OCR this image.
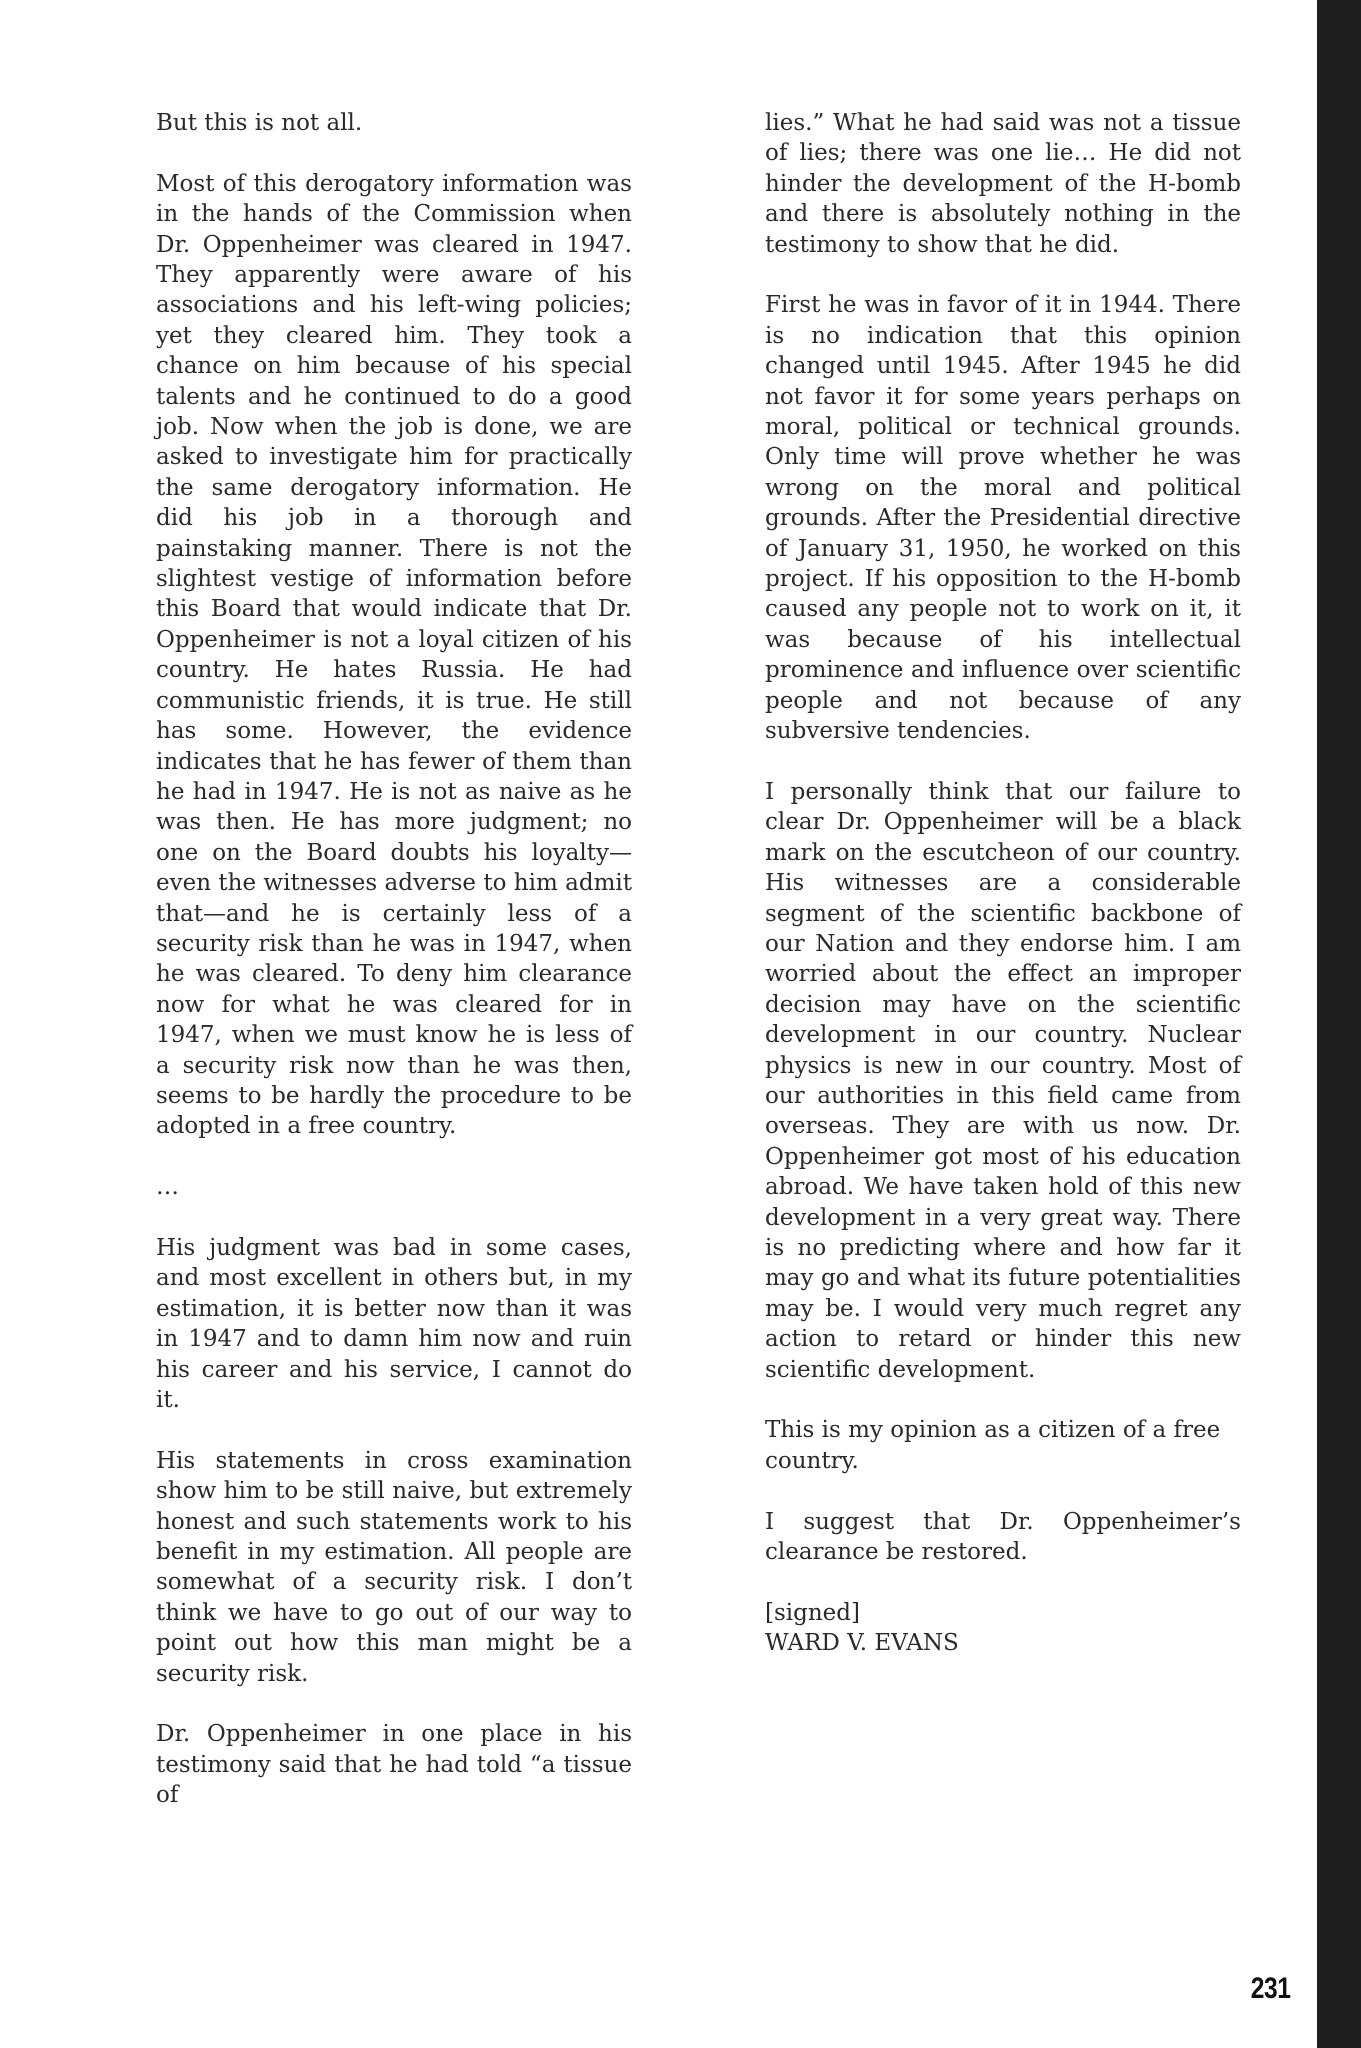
But this is not all.

Most of this derogatory information was in the hands of the Commission when Dr. Oppenheimer was cleared in 1947. They apparently were aware of his associations and his left-wing policies; yet they cleared him. They took a chance on him because of his special talents and he continued to do a good job. Now when the job is done, we are asked to investigate him for practically the same derogatory information. He did his job in a thorough and painstaking manner. There is not the slightest vestige of information before this Board that would indicate that Dr. Oppenheimer is not a loyal citizen of his country. He hates Russia. He had communistic friends, it is true. He still has some. However, the evidence indicates that he has fewer of them than he had in 1947. He is not as naive as he was then. He has more judgment; no one on the Board doubts his loyalty—even the witnesses adverse to him admit that—and he is certainly less of a security risk than he was in 1947, when he was cleared. To deny him clearance now for what he was cleared for in 1947, when we must know he is less of a security risk now than he was then, seems to be hardly the procedure to be adopted in a free country.

…

His judgment was bad in some cases, and most excellent in others but, in my estimation, it is better now than it was in 1947 and to damn him now and ruin his career and his service, I cannot do it.

His statements in cross examination show him to be still naive, but extremely honest and such statements work to his benefit in my estimation. All people are somewhat of a security risk. I don’t think we have to go out of our way to point out how this man might be a security risk.

Dr. Oppenheimer in one place in his testimony said that he had told “a tissue of

lies.” What he had said was not a tissue of lies; there was one lie… He did not hinder the development of the H-bomb and there is absolutely nothing in the testimony to show that he did.

First he was in favor of it in 1944. There is no indication that this opinion changed until 1945. After 1945 he did not favor it for some years perhaps on moral, political or technical grounds. Only time will prove whether he was wrong on the moral and political grounds. After the Presidential directive of January 31, 1950, he worked on this project. If his opposition to the H-bomb caused any people not to work on it, it was because of his intellectual prominence and influence over scientific people and not because of any subversive tendencies.

I personally think that our failure to clear Dr. Oppenheimer will be a black mark on the escutcheon of our country. His witnesses are a considerable segment of the scientific backbone of our Nation and they endorse him. I am worried about the effect an improper decision may have on the scientific development in our country. Nuclear physics is new in our country. Most of our authorities in this field came from overseas. They are with us now. Dr. Oppenheimer got most of his education abroad. We have taken hold of this new development in a very great way. There is no predicting where and how far it may go and what its future potentialities may be. I would very much regret any action to retard or hinder this new scientific development.

This is my opinion as a citizen of a free country.

I suggest that Dr. Oppenheimer’s clearance be restored.

[signed]
WARD V. EVANS
231
